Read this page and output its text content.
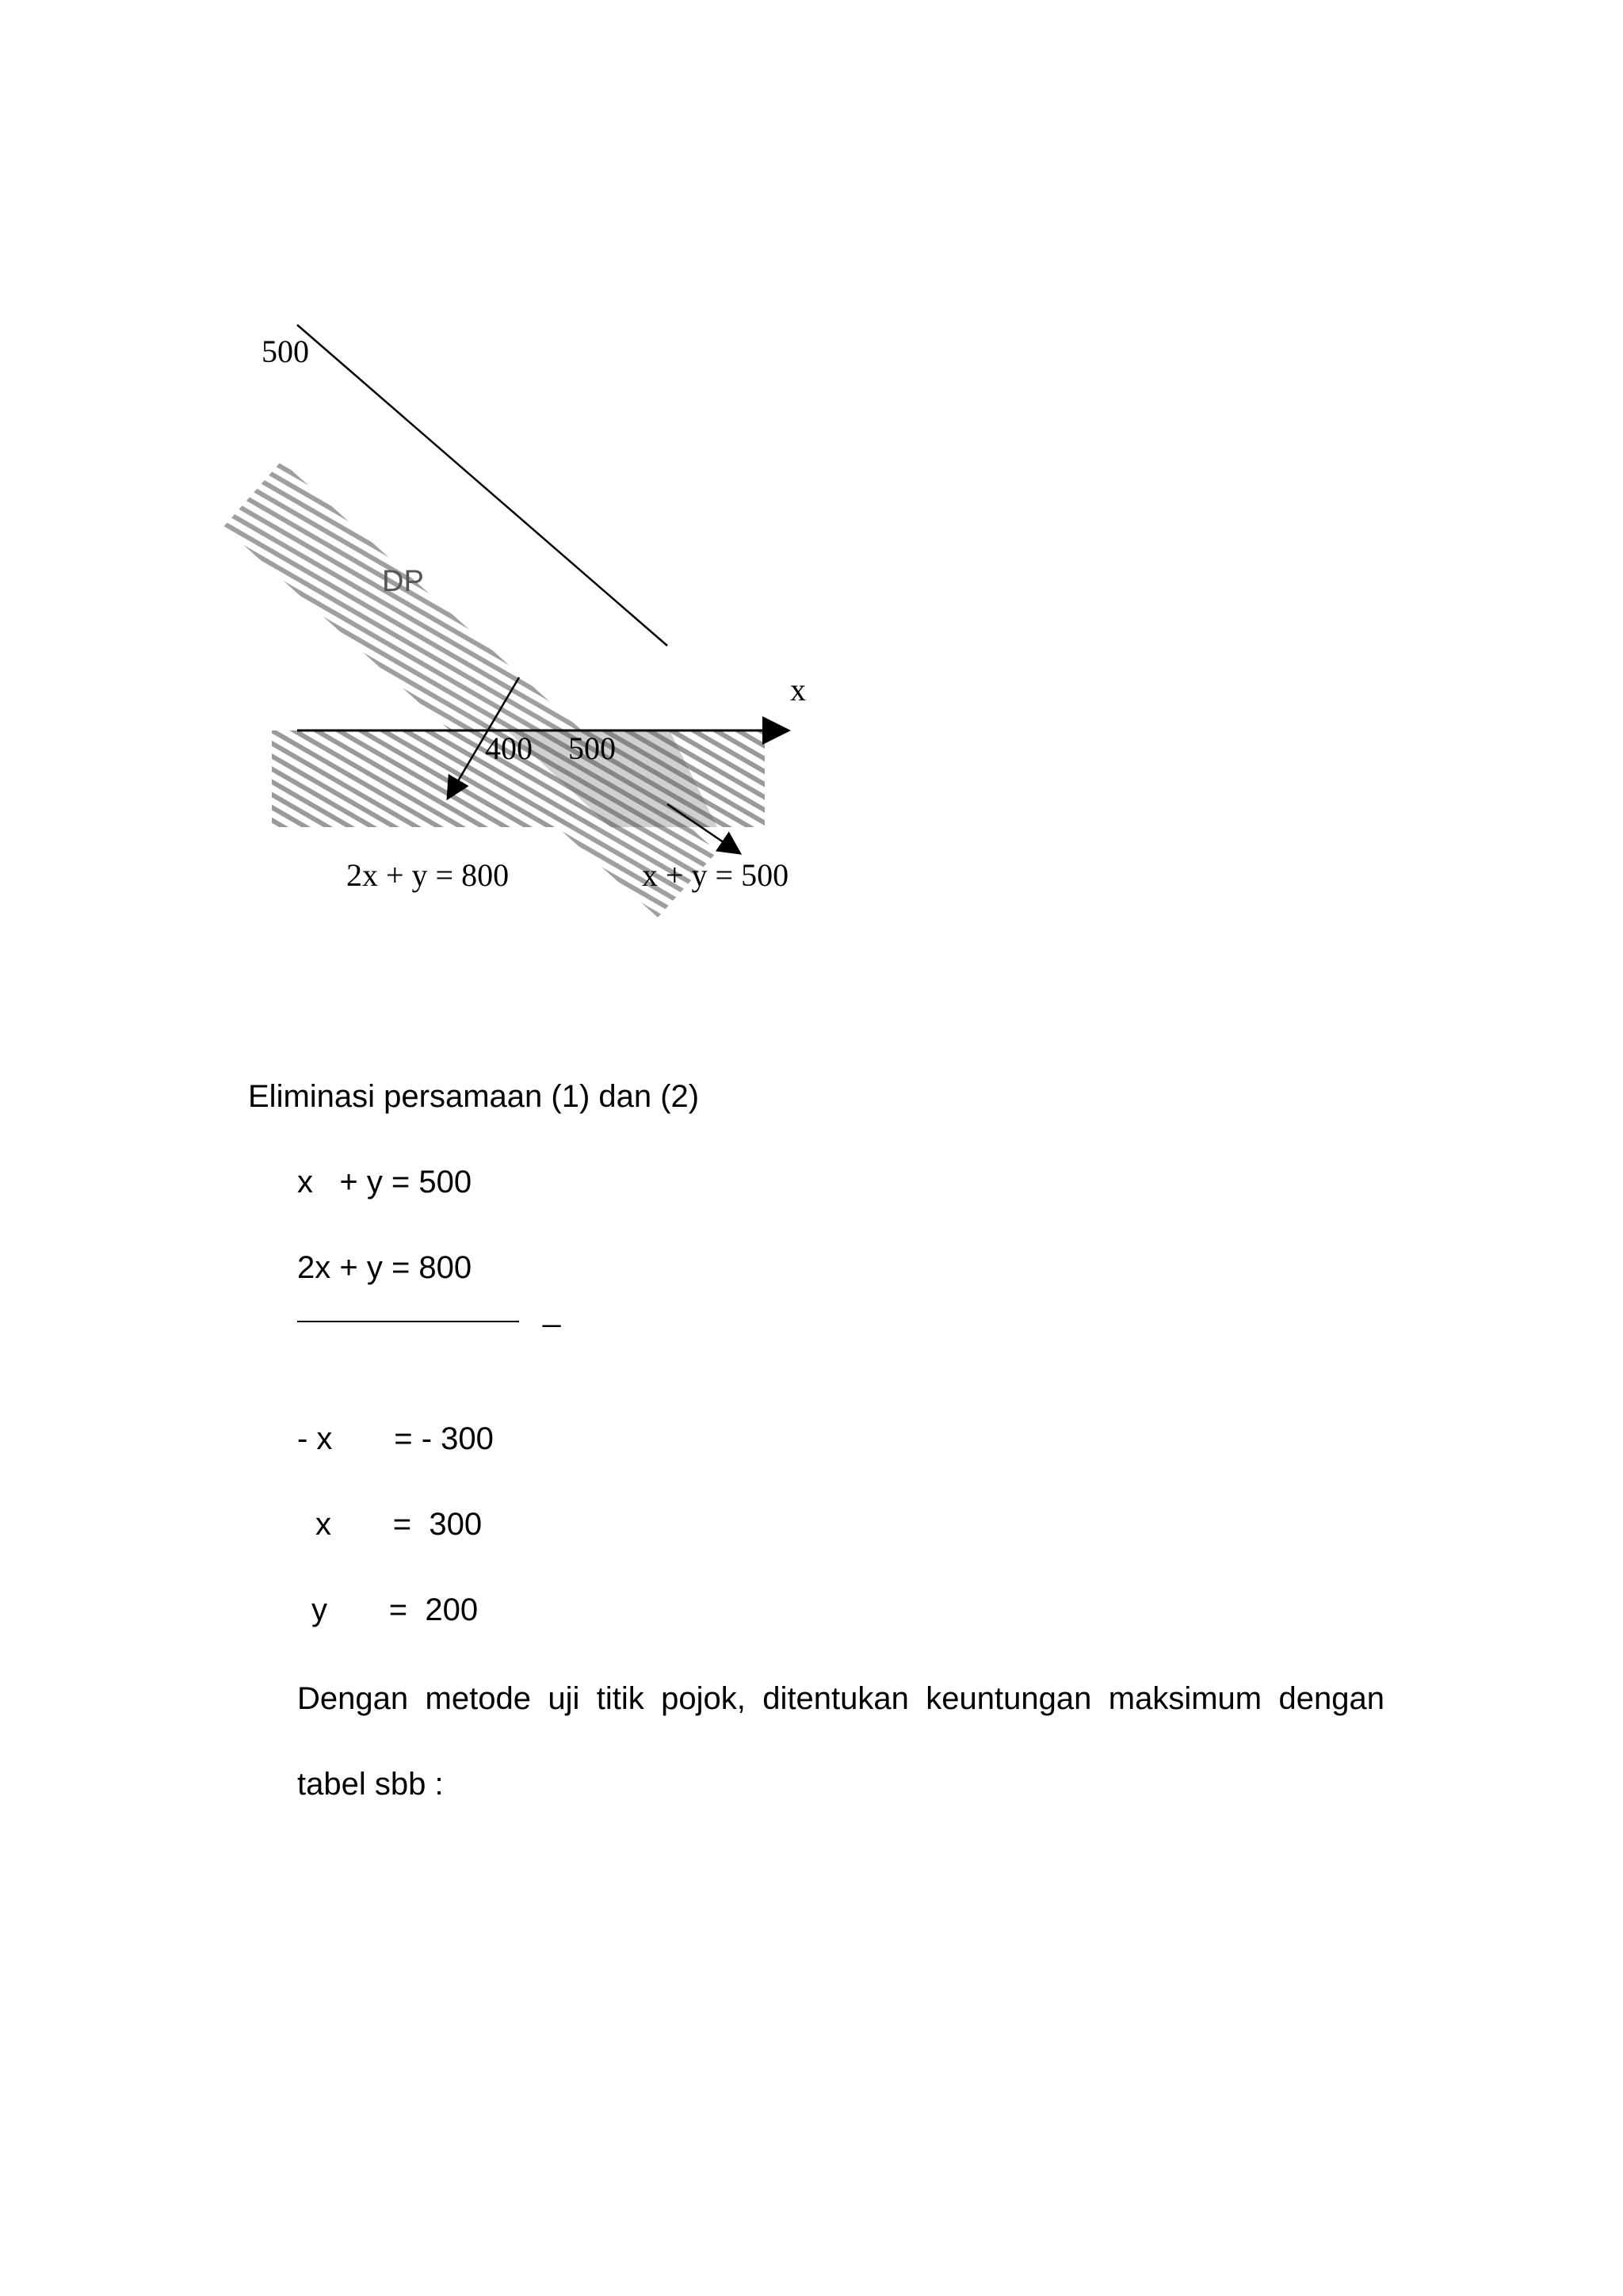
500
DP
x
400 500
2x + y = 800	x + y = 500

Eliminasi persamaan (1) dan (2)

x   + y = 500

2x + y = 800

_

- x       = - 300

x       =  300

y       =  200

Dengan metode uji titik pojok, ditentukan keuntungan maksimum dengan tabel sbb :
